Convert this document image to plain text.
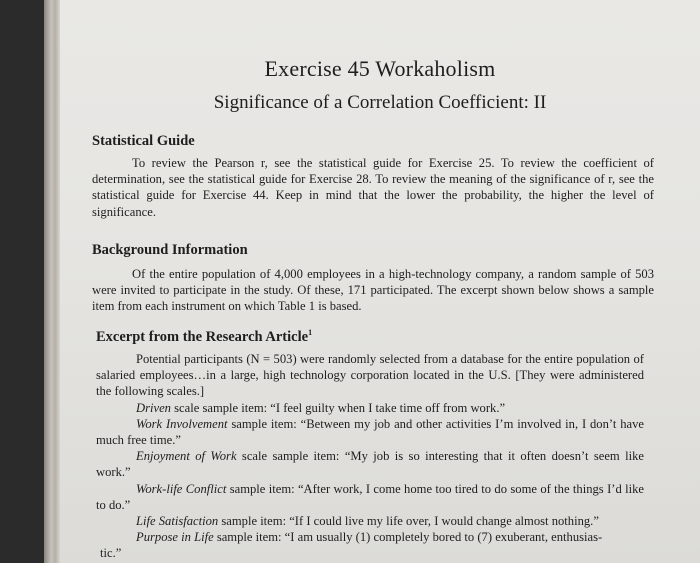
Exercise 45 Workaholism
Significance of a Correlation Coefficient: II
Statistical Guide

To review the Pearson r, see the statistical guide for Exercise 25. To review the coefficient of determination, see the statistical guide for Exercise 28. To review the meaning of the significance of r, see the statistical guide for Exercise 44. Keep in mind that the lower the probability, the higher the level of significance.

Background Information

Of the entire population of 4,000 employees in a high-technology company, a random sample of 503 were invited to participate in the study. Of these, 171 participated. The excerpt shown below shows a sample item from each instrument on which Table 1 is based.

Excerpt from the Research Article$^1$

Potential participants (N = 503) were randomly selected from a database for the entire population of salaried employees…in a large, high technology corporation located in the U.S. [They were administered the following scales.]

Driven scale sample item: “I feel guilty when I take time off from work.”

Work Involvement sample item: “Between my job and other activities I’m involved in, I don’t have much free time.”

Enjoyment of Work scale sample item: “My job is so interesting that it often doesn’t seem like work.”

Work-life Conflict sample item: “After work, I come home too tired to do some of the things I’d like to do.”

Life Satisfaction sample item: “If I could live my life over, I would change almost nothing.”

Purpose in Life sample item: “I am usually (1) completely bored to (7) exuberant, enthusias-

tic.”
